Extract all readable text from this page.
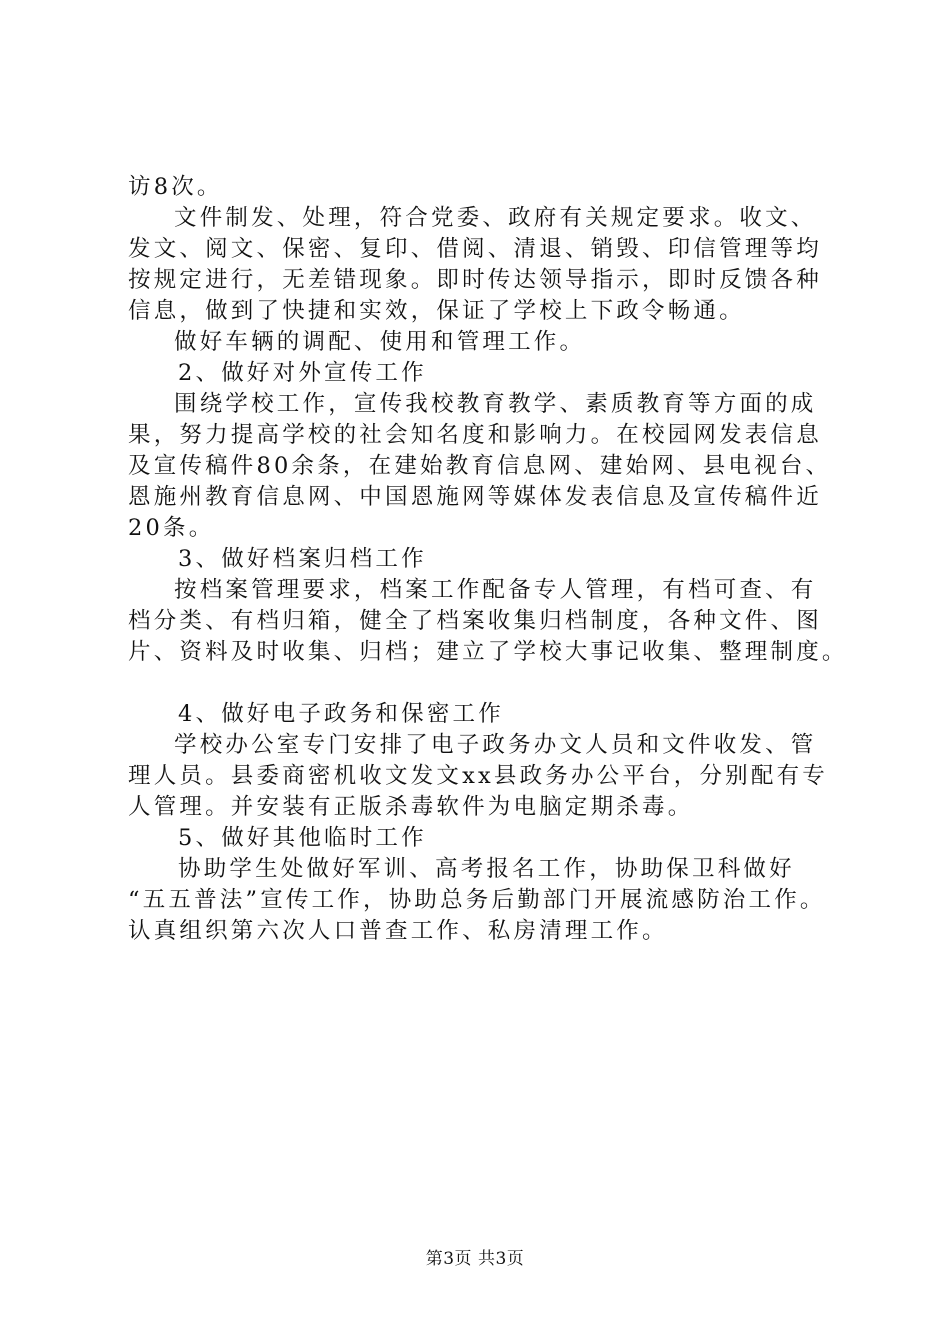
访8次。
文件制发、处理，符合党委、政府有关规定要求。收文、
发文、阅文、保密、复印、借阅、清退、销毁、印信管理等均
按规定进行，无差错现象。即时传达领导指示，即时反馈各种
信息，做到了快捷和实效，保证了学校上下政令畅通。
做好车辆的调配、使用和管理工作。
2、做好对外宣传工作
围绕学校工作，宣传我校教育教学、素质教育等方面的成
果，努力提高学校的社会知名度和影响力。在校园网发表信息
及宣传稿件80余条，在建始教育信息网、建始网、县电视台、
恩施州教育信息网、中国恩施网等媒体发表信息及宣传稿件近
20条。
3、做好档案归档工作
按档案管理要求，档案工作配备专人管理，有档可查、有
档分类、有档归箱，健全了档案收集归档制度，各种文件、图
片、资料及时收集、归档；建立了学校大事记收集、整理制度。
4、做好电子政务和保密工作
学校办公室专门安排了电子政务办文人员和文件收发、管
理人员。县委商密机收文发文xx县政务办公平台，分别配有专
人管理。并安装有正版杀毒软件为电脑定期杀毒。
5、做好其他临时工作
协助学生处做好军训、高考报名工作，协助保卫科做好
“五五普法”宣传工作，协助总务后勤部门开展流感防治工作。
认真组织第六次人口普查工作、私房清理工作。
第3页 共3页
